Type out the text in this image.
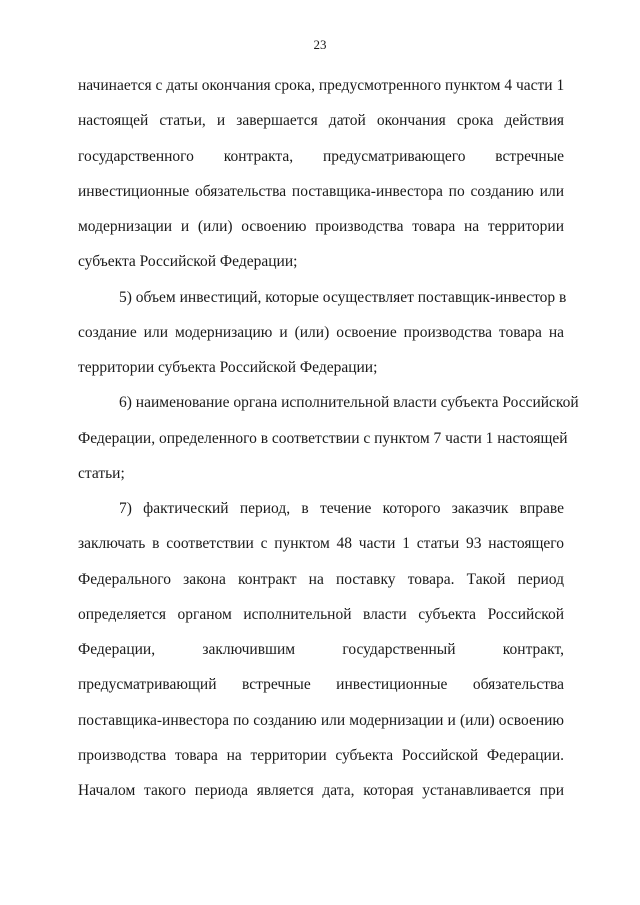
23
начинается с даты окончания срока, предусмотренного пунктом 4 части 1
настоящей статьи, и завершается датой окончания срока действия
государственного контракта, предусматривающего встречные
инвестиционные обязательства поставщика-инвестора по созданию или
модернизации и (или) освоению производства товара на территории
субъекта Российской Федерации;
5) объем инвестиций, которые осуществляет поставщик-инвестор в
создание или модернизацию и (или) освоение производства товара на
территории субъекта Российской Федерации;
6) наименование органа исполнительной власти субъекта Российской
Федерации, определенного в соответствии с пунктом 7 части 1 настоящей
статьи;
7) фактический период, в течение которого заказчик вправе
заключать в соответствии с пунктом 48 части 1 статьи 93 настоящего
Федерального закона контракт на поставку товара. Такой период
определяется органом исполнительной власти субъекта Российской
Федерации, заключившим государственный контракт,
предусматривающий встречные инвестиционные обязательства
поставщика-инвестора по созданию или модернизации и (или) освоению
производства товара на территории субъекта Российской Федерации.
Началом такого периода является дата, которая устанавливается при
